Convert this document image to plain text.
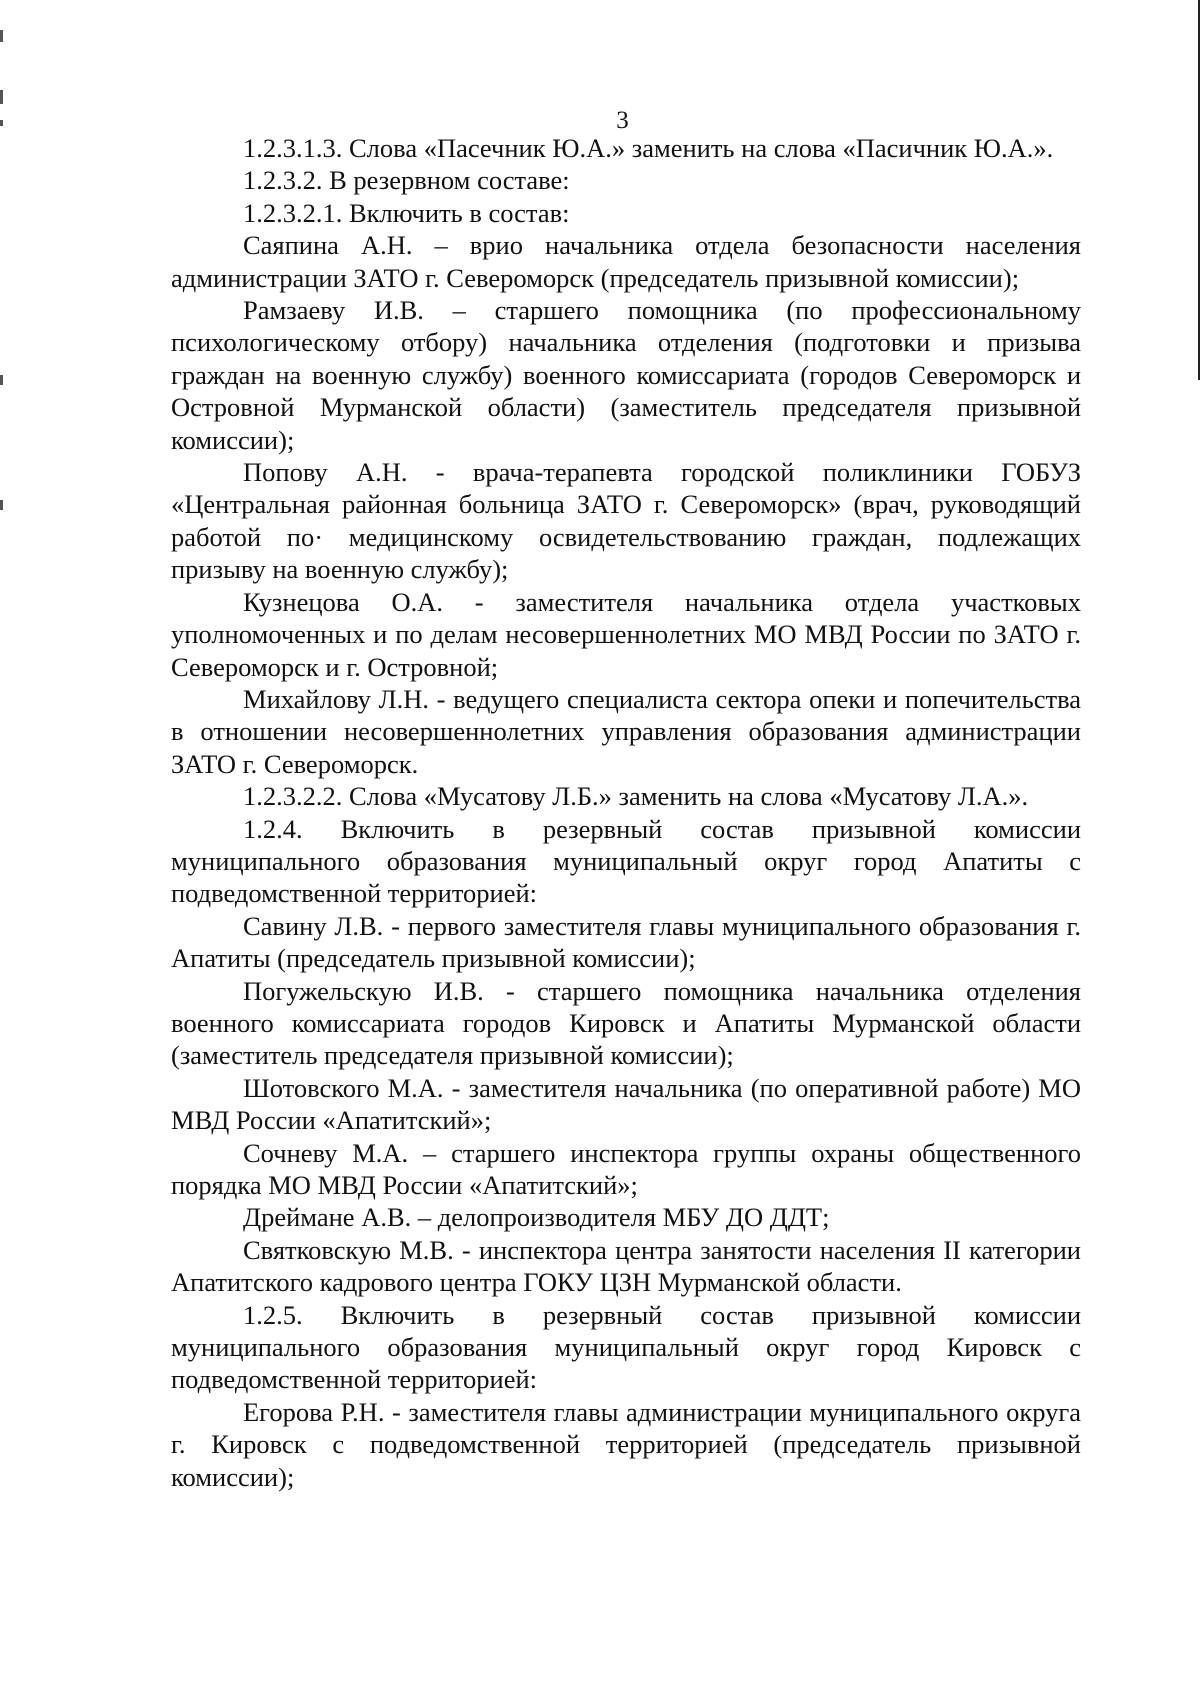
3

1.2.3.1.3. Слова «Пасечник Ю.А.» заменить на слова «Пасичник Ю.А.».

1.2.3.2. В резервном составе:

1.2.3.2.1. Включить в состав:

Саяпина А.Н. – врио начальника отдела безопасности населения администрации ЗАТО г. Североморск (председатель призывной комиссии);

Рамзаеву И.В. – старшего помощника (по профессиональному психологическому отбору) начальника отделения (подготовки и призыва граждан на военную службу) военного комиссариата (городов Североморск и Островной Мурманской области) (заместитель председателя призывной комиссии);

Попову А.Н. - врача-терапевта городской поликлиники ГОБУЗ «Центральная районная больница ЗАТО г. Североморск» (врач, руководящий работой по· медицинскому освидетельствованию граждан, подлежащих призыву на военную службу);

Кузнецова О.А. - заместителя начальника отдела участковых уполномоченных и по делам несовершеннолетних МО МВД России по ЗАТО г. Североморск и г. Островной;

Михайлову Л.Н. - ведущего специалиста сектора опеки и попечительства в отношении несовершеннолетних управления образования администрации ЗАТО г. Североморск.

1.2.3.2.2. Слова «Мусатову Л.Б.» заменить на слова «Мусатову Л.А.».

1.2.4. Включить в резервный состав призывной комиссии муниципального образования муниципальный округ город Апатиты с подведомственной территорией:

Савину Л.В. - первого заместителя главы муниципального образования г. Апатиты (председатель призывной комиссии);

Погужельскую И.В. - старшего помощника начальника отделения военного комиссариата городов Кировск и Апатиты Мурманской области (заместитель председателя призывной комиссии);

Шотовского М.А. - заместителя начальника (по оперативной работе) МО МВД России «Апатитский»;

Сочневу М.А. – старшего инспектора группы охраны общественного порядка МО МВД России «Апатитский»;

Дреймане А.В. – делопроизводителя МБУ ДО ДДТ;

Святковскую М.В. - инспектора центра занятости населения II категории Апатитского кадрового центра ГОКУ ЦЗН Мурманской области.

1.2.5. Включить в резервный состав призывной комиссии муниципального образования муниципальный округ город Кировск с подведомственной территорией:

Егорова Р.Н. - заместителя главы администрации муниципального округа г. Кировск с подведомственной территорией (председатель призывной комиссии);
